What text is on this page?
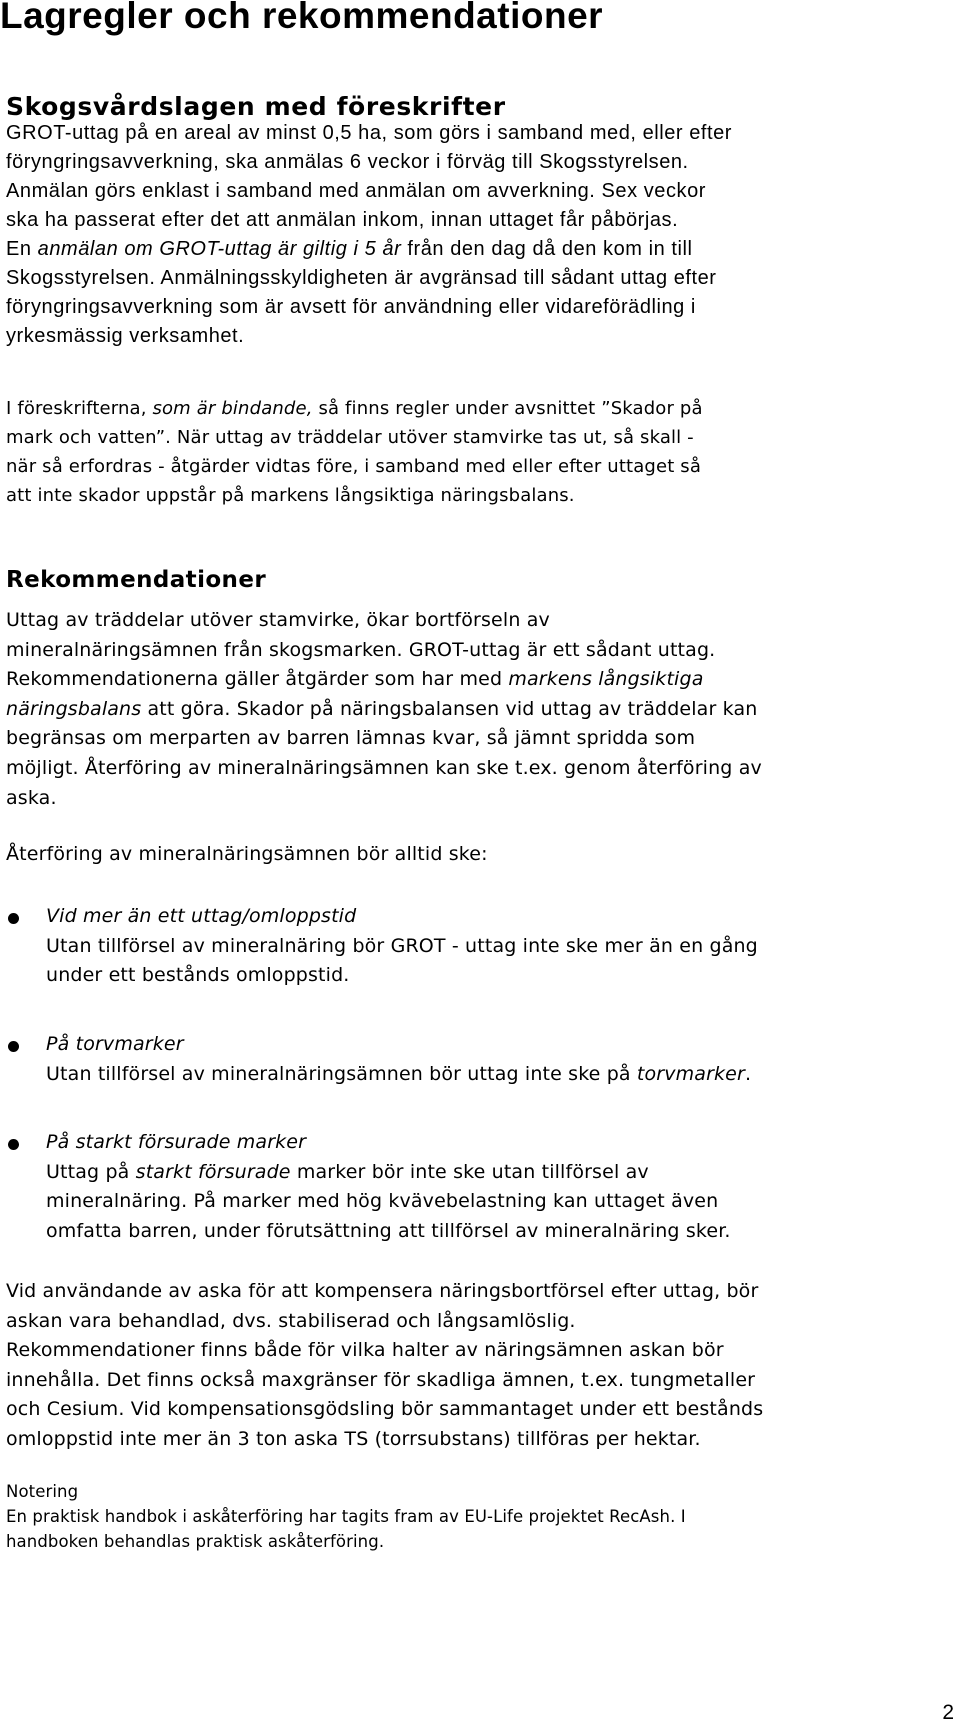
Lagregler och rekommendationer
Skogsvårdslagen med föreskrifter

GROT-uttag på en areal av minst 0,5 ha, som görs i samband med, eller efter
föryngringsavverkning, ska anmälas 6 veckor i förväg till Skogsstyrelsen.
Anmälan görs enklast i samband med anmälan om avverkning. Sex veckor
ska ha passerat efter det att anmälan inkom, innan uttaget får påbörjas.
En anmälan om GROT-uttag är giltig i 5 år från den dag då den kom in till
Skogsstyrelsen. Anmälningsskyldigheten är avgränsad till sådant uttag efter
föryngringsavverkning som är avsett för användning eller vidareförädling i
yrkesmässig verksamhet.

I föreskrifterna, som är bindande, så finns regler under avsnittet ”Skador på
mark och vatten”. När uttag av träddelar utöver stamvirke tas ut, så skall -
när så erfordras - åtgärder vidtas före, i samband med eller efter uttaget så
att inte skador uppstår på markens långsiktiga näringsbalans.

Rekommendationer

Uttag av träddelar utöver stamvirke, ökar bortförseln av
mineralnäringsämnen från skogsmarken. GROT-uttag är ett sådant uttag.
Rekommendationerna gäller åtgärder som har med markens långsiktiga
näringsbalans att göra. Skador på näringsbalansen vid uttag av träddelar kan
begränsas om merparten av barren lämnas kvar, så jämnt spridda som
möjligt. Återföring av mineralnäringsämnen kan ske t.ex. genom återföring av
aska.

Återföring av mineralnäringsämnen bör alltid ske:

Vid mer än ett uttag/omloppstid
Utan tillförsel av mineralnäring bör GROT - uttag inte ske mer än en gång
under ett bestånds omloppstid.

På torvmarker
Utan tillförsel av mineralnäringsämnen bör uttag inte ske på torvmarker.

På starkt försurade marker
Uttag på starkt försurade marker bör inte ske utan tillförsel av
mineralnäring. På marker med hög kvävebelastning kan uttaget även
omfatta barren, under förutsättning att tillförsel av mineralnäring sker.

Vid användande av aska för att kompensera näringsbortförsel efter uttag, bör
askan vara behandlad, dvs. stabiliserad och långsamlöslig.
Rekommendationer finns både för vilka halter av näringsämnen askan bör
innehålla. Det finns också maxgränser för skadliga ämnen, t.ex. tungmetaller
och Cesium. Vid kompensationsgödsling bör sammantaget under ett bestånds
omloppstid inte mer än 3 ton aska TS (torrsubstans) tillföras per hektar.

Notering
En praktisk handbok i askåterföring har tagits fram av EU-Life projektet RecAsh. I
handboken behandlas praktisk askåterföring.

2
